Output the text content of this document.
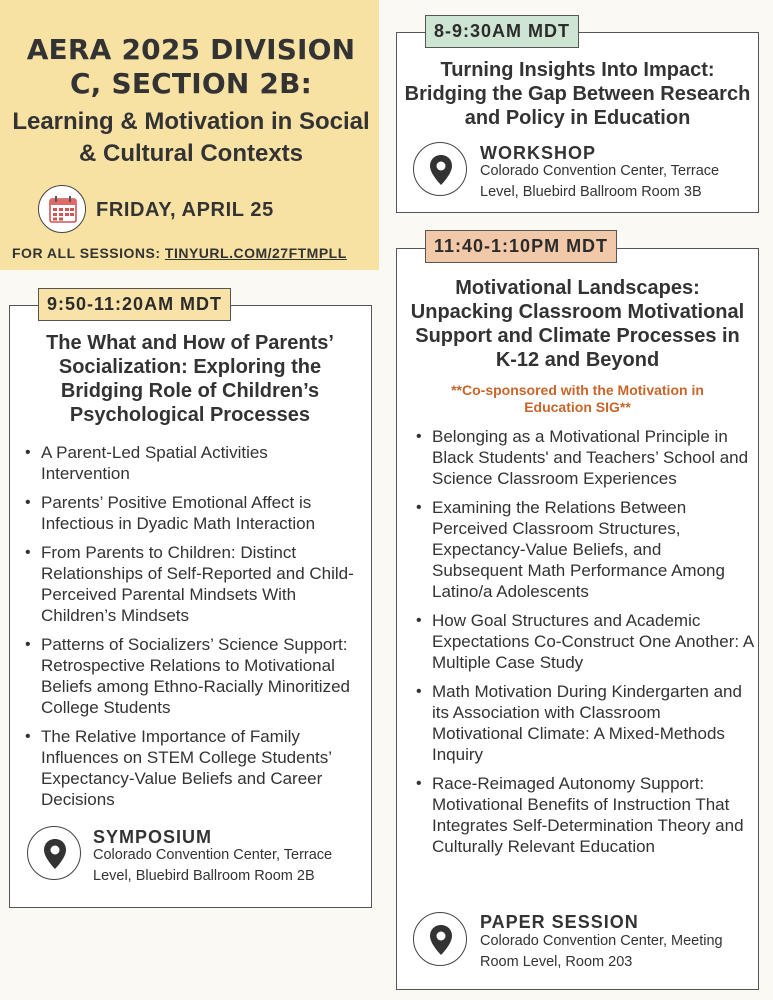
AERA 2025 DIVISION C, SECTION 2B:
Learning & Motivation in Social & Cultural Contexts
FRIDAY, APRIL 25
FOR ALL SESSIONS: TINYURL.COM/27FTMPLL
8-9:30AM MDT
Turning Insights Into Impact: Bridging the Gap Between Research and Policy in Education
WORKSHOP
Colorado Convention Center, Terrace Level, Bluebird Ballroom Room 3B
9:50-11:20AM MDT
The What and How of Parents’ Socialization: Exploring the Bridging Role of Children’s Psychological Processes
• A Parent-Led Spatial Activities Intervention
• Parents’ Positive Emotional Affect is Infectious in Dyadic Math Interaction
• From Parents to Children: Distinct Relationships of Self-Reported and Child-Perceived Parental Mindsets With Children’s Mindsets
• Patterns of Socializers’ Science Support: Retrospective Relations to Motivational Beliefs among Ethno-Racially Minoritized College Students
• The Relative Importance of Family Influences on STEM College Students’ Expectancy-Value Beliefs and Career Decisions
SYMPOSIUM
Colorado Convention Center, Terrace Level, Bluebird Ballroom Room 2B
11:40-1:10PM MDT
Motivational Landscapes: Unpacking Classroom Motivational Support and Climate Processes in K-12 and Beyond
**Co-sponsored with the Motivation in Education SIG**
• Belonging as a Motivational Principle in Black Students' and Teachers’ School and Science Classroom Experiences
• Examining the Relations Between Perceived Classroom Structures, Expectancy-Value Beliefs, and Subsequent Math Performance Among Latino/a Adolescents
• How Goal Structures and Academic Expectations Co-Construct One Another: A Multiple Case Study
• Math Motivation During Kindergarten and its Association with Classroom Motivational Climate: A Mixed-Methods Inquiry
• Race-Reimaged Autonomy Support: Motivational Benefits of Instruction That Integrates Self-Determination Theory and Culturally Relevant Education
PAPER SESSION
Colorado Convention Center, Meeting Room Level, Room 203
